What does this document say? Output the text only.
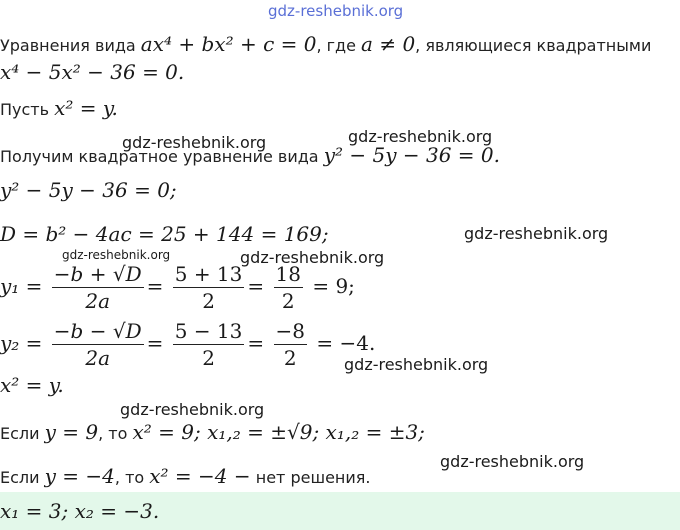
gdz-reshebnik.org
gdz-reshebnik.org	gdz-reshebnik.org
gdz-reshebnik.org
gdz-reshebnik.org	gdz-reshebnik.org
gdz-reshebnik.org
gdz-reshebnik.org
gdz-reshebnik.org
Уравнения вида ax⁴ + bx² + c = 0, где a ≠ 0, являющиеся квадратными
x⁴ − 5x² − 36 = 0.
Пусть x² = y.
Получим квадратное уравнение вида y² − 5y − 36 = 0.
y² − 5y − 36 = 0;
D = b² − 4ac = 25 + 144 = 169;
$y_1 = \frac{-b + √D}{2a} = \frac{5 + 13}{2} = \frac{18}{2} = 9$;
$y_2 = \frac{-b - √D}{2a} = \frac{5 - 13}{2} = \frac{-8}{2} = -4$.
x² = y.
Если y = 9, то x² = 9; x₁,₂ = ±√9; x₁,₂ = ±3;
Если y = −4, то x² = −4 − нет решения.
x₁ = 3; x₂ = −3.
